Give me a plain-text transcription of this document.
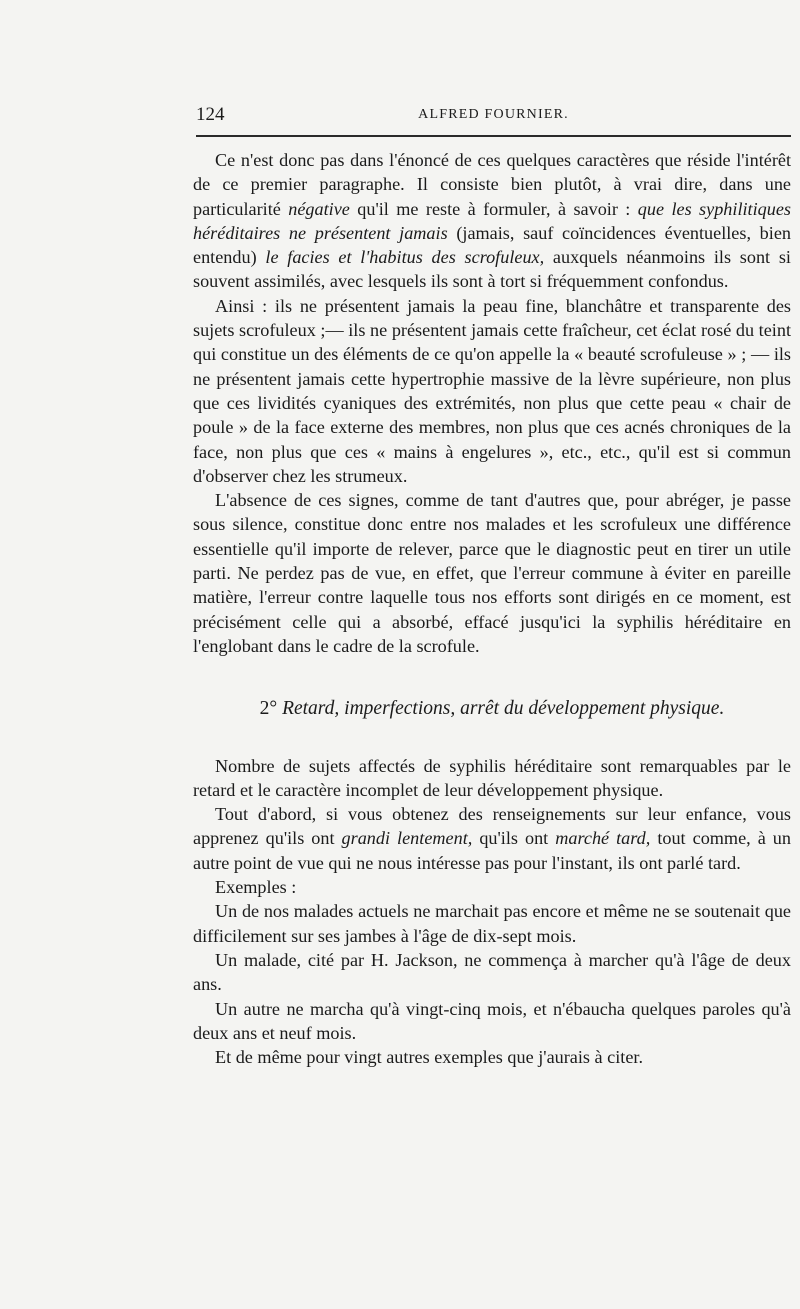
124	ALFRED FOURNIER.

Ce n'est donc pas dans l'énoncé de ces quelques caractères que réside l'intérêt de ce premier paragraphe. Il consiste bien plutôt, à vrai dire, dans une particularité négative qu'il me reste à formuler, à savoir : que les syphilitiques héréditaires ne présentent jamais (jamais, sauf coïncidences éventuelles, bien entendu) le facies et l'habitus des scrofuleux, auxquels néanmoins ils sont si souvent assimilés, avec lesquels ils sont à tort si fréquemment confondus.

Ainsi : ils ne présentent jamais la peau fine, blanchâtre et transparente des sujets scrofuleux ;— ils ne présentent jamais cette fraîcheur, cet éclat rosé du teint qui constitue un des éléments de ce qu'on appelle la « beauté scrofuleuse » ; — ils ne présentent jamais cette hypertrophie massive de la lèvre supérieure, non plus que ces lividités cyaniques des extrémités, non plus que cette peau « chair de poule » de la face externe des membres, non plus que ces acnés chroniques de la face, non plus que ces « mains à engelures », etc., etc., qu'il est si commun d'observer chez les strumeux.

L'absence de ces signes, comme de tant d'autres que, pour abréger, je passe sous silence, constitue donc entre nos malades et les scrofuleux une différence essentielle qu'il importe de relever, parce que le diagnostic peut en tirer un utile parti. Ne perdez pas de vue, en effet, que l'erreur commune à éviter en pareille matière, l'erreur contre laquelle tous nos efforts sont dirigés en ce moment, est précisément celle qui a absorbé, effacé jusqu'ici la syphilis héréditaire en l'englobant dans le cadre de la scrofule.

2° Retard, imperfections, arrêt du développement physique.

Nombre de sujets affectés de syphilis héréditaire sont remarquables par le retard et le caractère incomplet de leur développement physique.

Tout d'abord, si vous obtenez des renseignements sur leur enfance, vous apprenez qu'ils ont grandi lentement, qu'ils ont marché tard, tout comme, à un autre point de vue qui ne nous intéresse pas pour l'instant, ils ont parlé tard.

Exemples :

Un de nos malades actuels ne marchait pas encore et même ne se soutenait que difficilement sur ses jambes à l'âge de dix-sept mois.

Un malade, cité par H. Jackson, ne commença à marcher qu'à l'âge de deux ans.

Un autre ne marcha qu'à vingt-cinq mois, et n'ébaucha quelques paroles qu'à deux ans et neuf mois.

Et de même pour vingt autres exemples que j'aurais à citer.
